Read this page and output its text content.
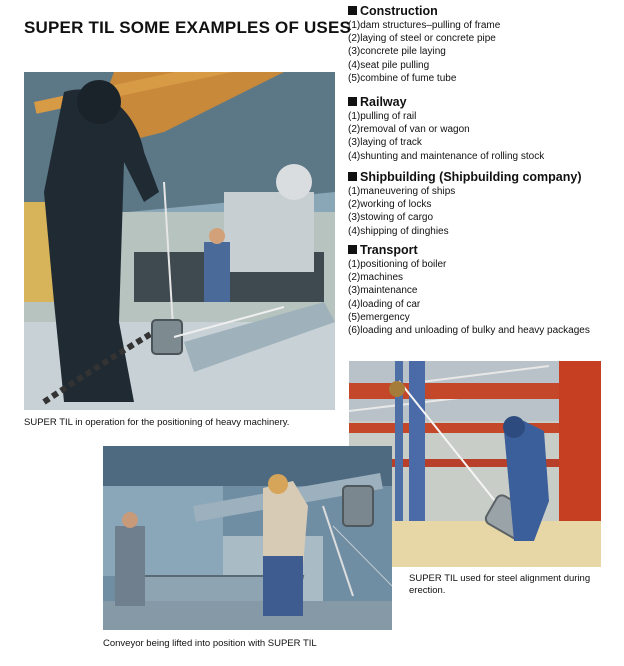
SUPER TIL SOME EXAMPLES OF USES
Construction
(1)dam structures–pulling of frame
(2)laying of steel or concrete pipe
(3)concrete pile laying
(4)seat pile pulling
(5)combine of fume tube
Railway
(1)pulling of rail
(2)removal of van or wagon
(3)laying of track
(4)shunting and maintenance of rolling stock
Shipbuilding (Shipbuilding company)
(1)maneuvering of ships
(2)working of locks
(3)stowing of cargo
(4)shipping of dinghies
Transport
(1)positioning of boiler
(2)machines
(3)maintenance
(4)loading of car
(5)emergency
(6)loading and unloading of bulky and heavy packages
SUPER TIL in operation for the positioning of heavy machinery.
SUPER TIL used for steel alignment during erection.
Conveyor being lifted into position with SUPER TIL
